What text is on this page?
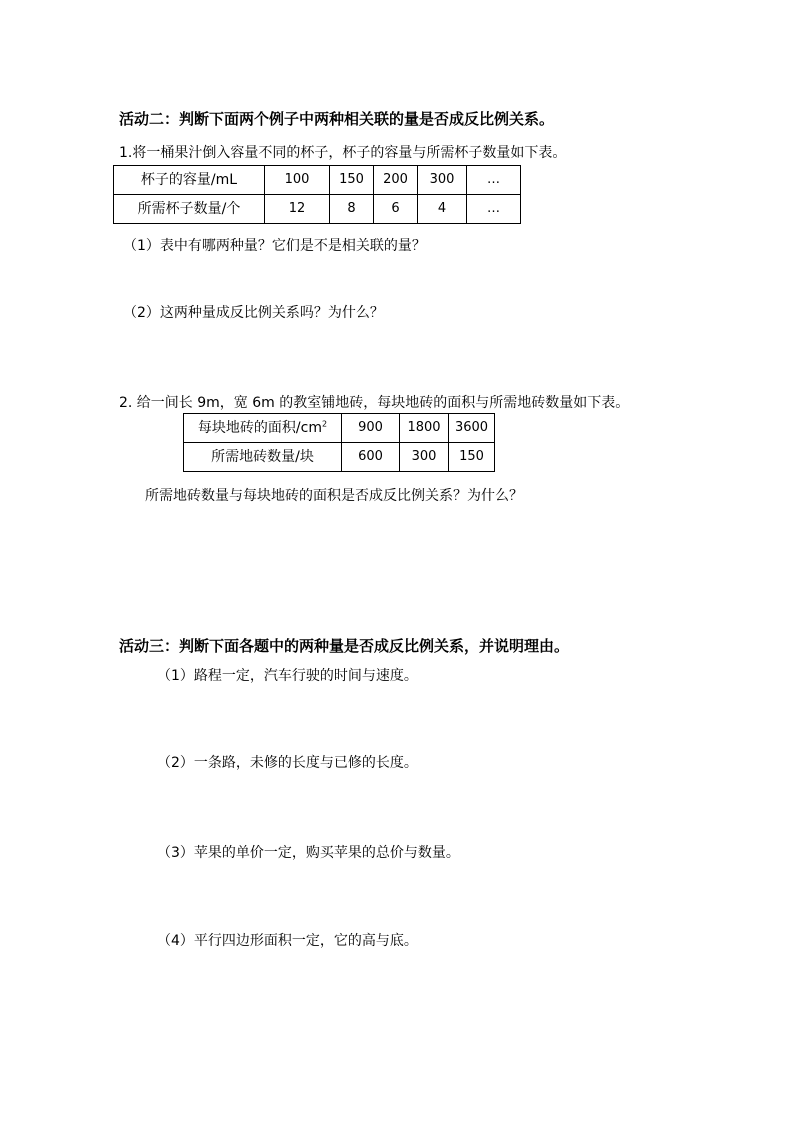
活动二：判断下面两个例子中两种相关联的量是否成反比例关系。
1.将一桶果汁倒入容量不同的杯子，杯子的容量与所需杯子数量如下表。
杯子的容量/mL	100	150	200	300	…
所需杯子数量/个	12	8	6	4	…
（1）表中有哪两种量？它们是不是相关联的量？
（2）这两种量成反比例关系吗？为什么？
2. 给一间长 9m，宽 6m 的教室铺地砖，每块地砖的面积与所需地砖数量如下表。
每块地砖的面积$/cm^2$	900	1800	3600
所需地砖数量/块	600	300	150
所需地砖数量与每块地砖的面积是否成反比例关系？为什么？
活动三：判断下面各题中的两种量是否成反比例关系，并说明理由。
（1）路程一定，汽车行驶的时间与速度。
（2）一条路，未修的长度与已修的长度。
（3）苹果的单价一定，购买苹果的总价与数量。
（4）平行四边形面积一定，它的高与底。
